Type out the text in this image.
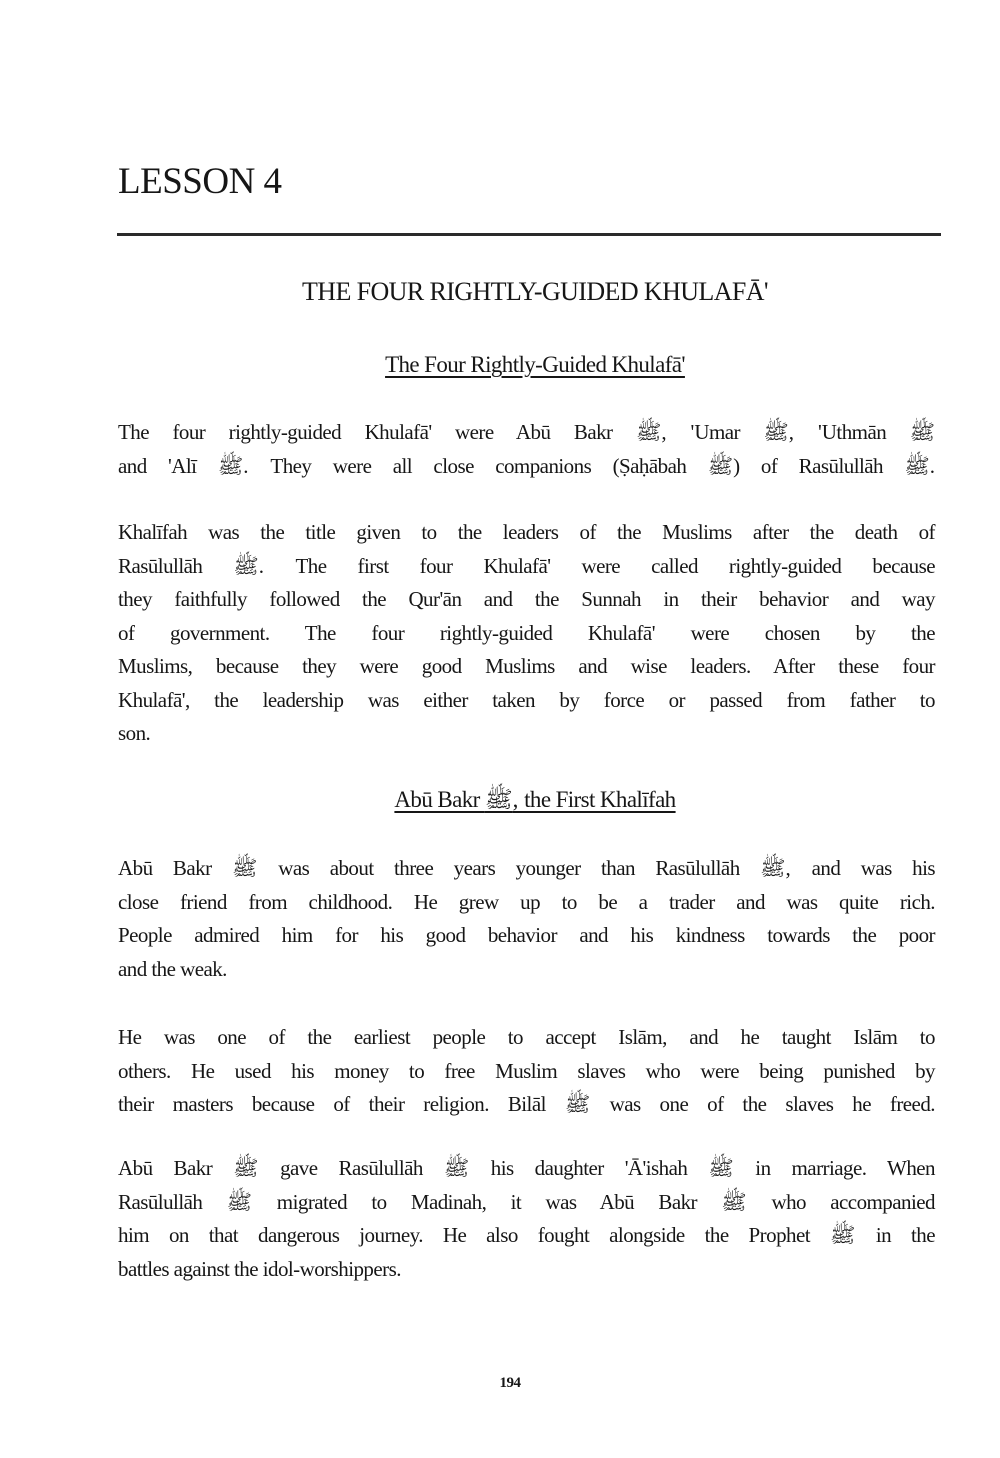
LESSON 4
THE FOUR RIGHTLY-GUIDED KHULAFĀ'
The Four Rightly-Guided Khulafā'
The four rightly-guided Khulafā' were Abū Bakr ﷺ, 'Umar ﷺ, 'Uthmān ﷺ
and 'Alī ﷺ. They were all close companions (Ṣaḥābah ﷺ) of Rasūlullāh ﷺ.
Khalīfah was the title given to the leaders of the Muslims after the death of
Rasūlullāh ﷺ. The first four Khulafā' were called rightly-guided because
they faithfully followed the Qur'ān and the Sunnah in their behavior and way
of government. The four rightly-guided Khulafā' were chosen by the
Muslims, because they were good Muslims and wise leaders. After these four
Khulafā', the leadership was either taken by force or passed from father to
son.
Abū Bakr ﷺ, the First Khalīfah
Abū Bakr ﷺ was about three years younger than Rasūlullāh ﷺ, and was his
close friend from childhood. He grew up to be a trader and was quite rich.
People admired him for his good behavior and his kindness towards the poor
and the weak.
He was one of the earliest people to accept Islām, and he taught Islām to
others. He used his money to free Muslim slaves who were being punished by
their masters because of their religion. Bilāl ﷺ was one of the slaves he freed.
Abū Bakr ﷺ gave Rasūlullāh ﷺ his daughter 'Ā'ishah ﷺ in marriage. When
Rasūlullāh ﷺ migrated to Madinah, it was Abū Bakr ﷺ who accompanied
him on that dangerous journey. He also fought alongside the Prophet ﷺ in the
battles against the idol-worshippers.
194
